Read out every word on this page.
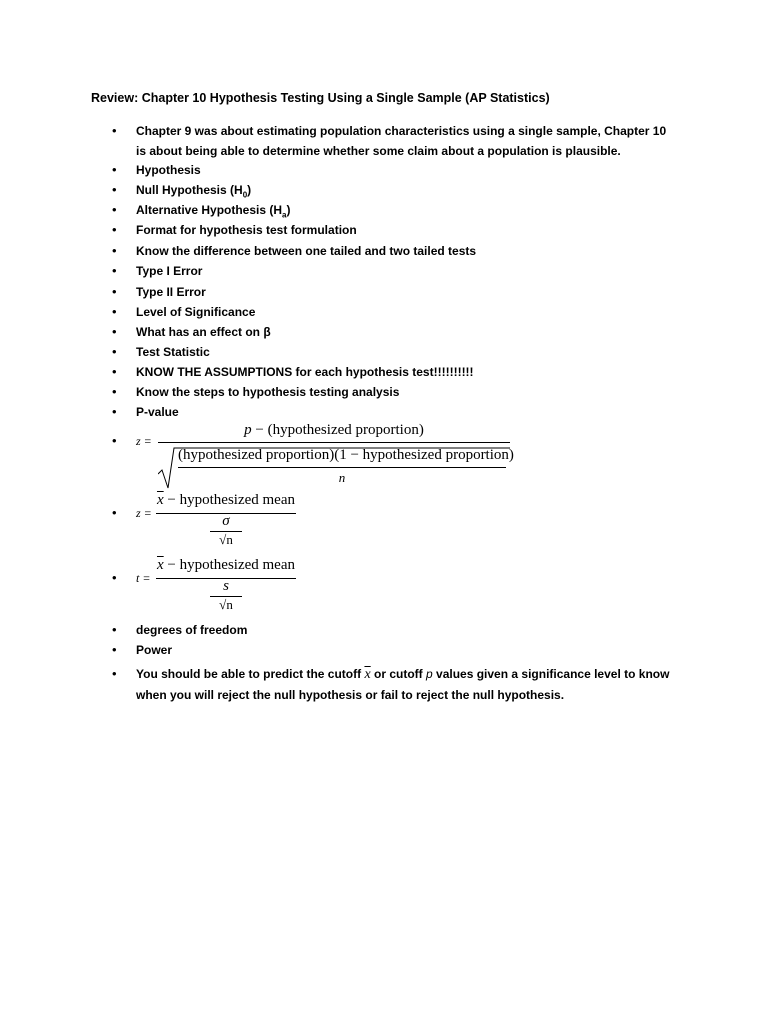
Review: Chapter 10 Hypothesis Testing Using a Single Sample (AP Statistics)
• Chapter 9 was about estimating population characteristics using a single sample, Chapter 10 is about being able to determine whether some claim about a population is plausible.
• Hypothesis
• Null Hypothesis $(H_0)$
• Alternative Hypothesis $(H_a)$
• Format for hypothesis test formulation
• Know the difference between one tailed and two tailed tests
• Type I Error
• Type II Error
• Level of Significance
• What has an effect on β
• Test Statistic
• KNOW THE ASSUMPTIONS for each hypothesis test!!!!!!!!!!
• Know the steps to hypothesis testing analysis
• P-value
• z =
p − (hypothesized proportion)
(hypothesized proportion)(1 − hypothesized proportion)
n
• z =
$\overline{x}$ − hypothesized mean
σ
√n
• t =
$\overline{x}$ − hypothesized mean
s
√n
• degrees of freedom
• Power
• You should be able to predict the cutoff $\overline{x}$ or cutoff p values given a significance level to know when you will reject the null hypothesis or fail to reject the null hypothesis.
